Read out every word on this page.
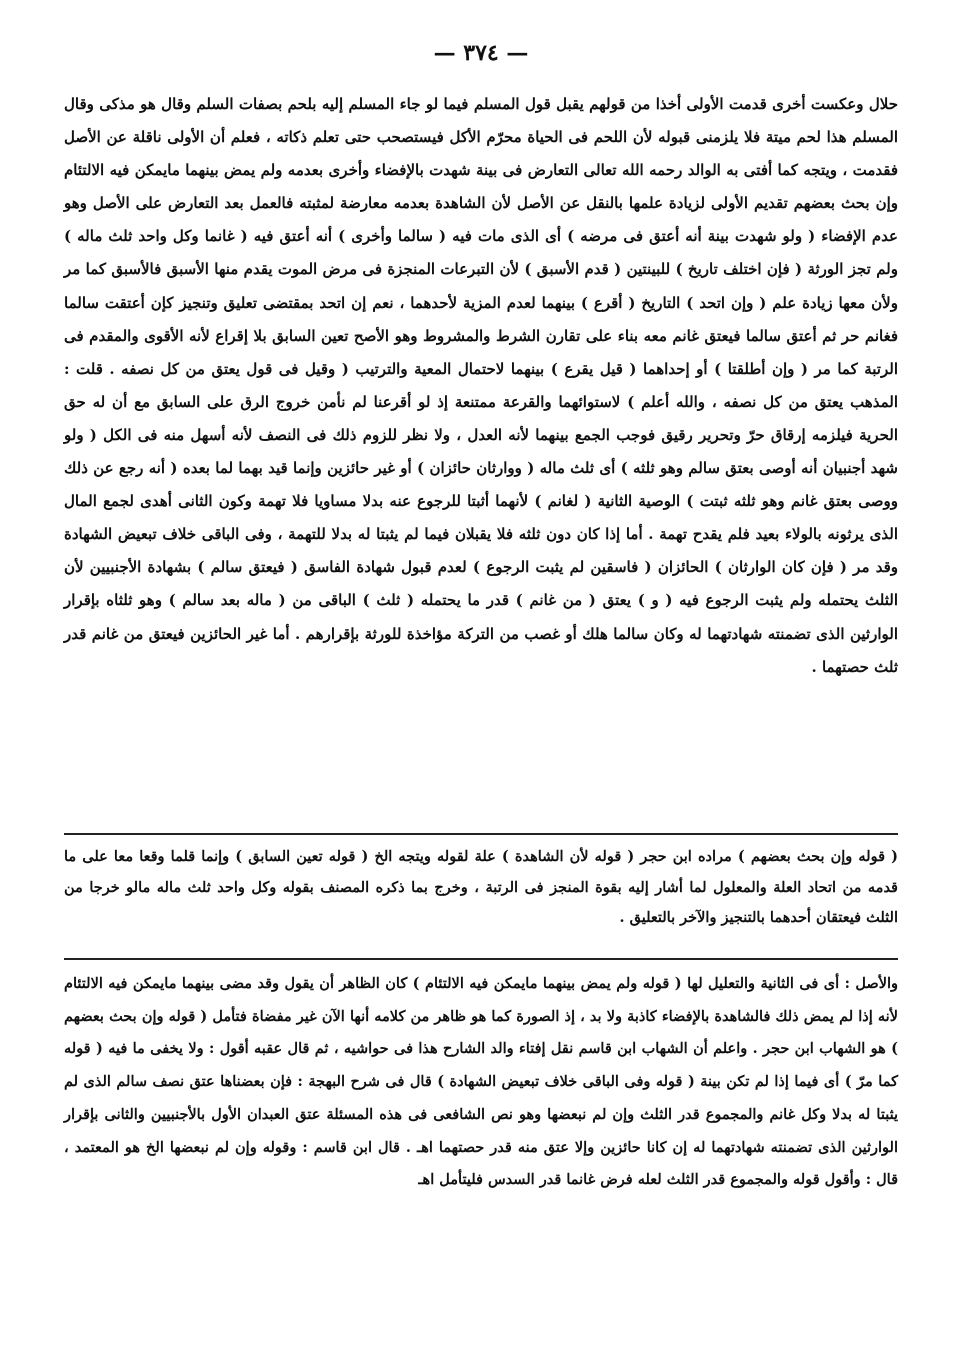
— ٣٧٤ —

حلال وعكست أخرى قدمت الأولى أخذا من قولهم يقبل قول المسلم فيما لو جاء المسلم إليه بلحم بصفات السلم وقال هو مذكى وقال المسلم هذا لحم ميتة فلا يلزمنى قبوله لأن اللحم فى الحياة محرّم الأكل فيستصحب حتى تعلم ذكاته ، فعلم أن الأولى ناقلة عن الأصل فقدمت ، ويتجه كما أفتى به الوالد رحمه الله تعالى التعارض فى بينة شهدت بالإفضاء وأخرى بعدمه ولم يمض بينهما مايمكن فيه الالتئام وإن بحث بعضهم تقديم الأولى لزيادة علمها بالنقل عن الأصل لأن الشاهدة بعدمه معارضة لمثبته فالعمل بعد التعارض على الأصل وهو عدم الإفضاء ( ولو شهدت بينة أنه أعتق فى مرضه ) أى الذى مات فيه ( سالما وأخرى ) أنه أعتق فيه ( غانما وكل واحد ثلث ماله ) ولم تجز الورثة ( فإن اختلف تاريخ ) للبينتين ( قدم الأسبق ) لأن التبرعات المنجزة فى مرض الموت يقدم منها الأسبق فالأسبق كما مر ولأن معها زيادة علم ( وإن اتحد ) التاريخ ( أقرع ) بينهما لعدم المزية لأحدهما ، نعم إن اتحد بمقتضى تعليق وتنجيز كإن أعتقت سالما فغانم حر ثم أعتق سالما فيعتق غانم معه بناء على تقارن الشرط والمشروط وهو الأصح تعين السابق بلا إقراع لأنه الأقوى والمقدم فى الرتبة كما مر ( وإن أطلقتا ) أو إحداهما ( قيل يقرع ) بينهما لاحتمال المعية والترتيب ( وقيل فى قول يعتق من كل نصفه . قلت : المذهب يعتق من كل نصفه ، والله أعلم ) لاستوائهما والقرعة ممتنعة إذ لو أقرعنا لم نأمن خروج الرق على السابق مع أن له حق الحرية فيلزمه إرقاق حرّ وتحرير رقيق فوجب الجمع بينهما لأنه العدل ، ولا نظر للزوم ذلك فى النصف لأنه أسهل منه فى الكل ( ولو شهد أجنبيان أنه أوصى بعتق سالم وهو ثلثه ) أى ثلث ماله ( ووارثان حائزان ) أو غير حائزين وإنما قيد بهما لما بعده ( أنه رجع عن ذلك ووصى بعتق غانم وهو ثلثه ثبتت ) الوصية الثانية ( لغانم ) لأنهما أثبتا للرجوع عنه بدلا مساويا فلا تهمة وكون الثانى أهدى لجمع المال الذى يرثونه بالولاء بعيد فلم يقدح تهمة . أما إذا كان دون ثلثه فلا يقبلان فيما لم يثبتا له بدلا للتهمة ، وفى الباقى خلاف تبعيض الشهادة وقد مر ( فإن كان الوارثان ) الحائزان ( فاسقين لم يثبت الرجوع ) لعدم قبول شهادة الفاسق ( فيعتق سالم ) بشهادة الأجنبيين لأن الثلث يحتمله ولم يثبت الرجوع فيه ( و ) يعتق ( من غانم ) قدر ما يحتمله ( ثلث ) الباقى من ( ماله بعد سالم ) وهو ثلثاه بإقرار الوارثين الذى تضمنته شهادتهما له وكان سالما هلك أو غصب من التركة مؤاخذة للورثة بإقرارهم . أما غير الحائزين فيعتق من غانم قدر ثلث حصتهما .

( قوله وإن بحث بعضهم ) مراده ابن حجر ( قوله لأن الشاهدة ) علة لقوله ويتجه الخ ( قوله تعين السابق ) وإنما قلما وقعا معا على ما قدمه من اتحاد العلة والمعلول لما أشار إليه بقوة المنجز فى الرتبة ، وخرج بما ذكره المصنف بقوله وكل واحد ثلث ماله مالو خرجا من الثلث فيعتقان أحدهما بالتنجيز والآخر بالتعليق .

والأصل : أى فى الثانية والتعليل لها ( قوله ولم يمض بينهما مايمكن فيه الالتئام ) كان الظاهر أن يقول وقد مضى بينهما مايمكن فيه الالتئام لأنه إذا لم يمض ذلك فالشاهدة بالإفضاء كاذبة ولا بد ، إذ الصورة كما هو ظاهر من كلامه أنها الآن غير مفضاة فتأمل ( قوله وإن بحث بعضهم ) هو الشهاب ابن حجر . واعلم أن الشهاب ابن قاسم نقل إفتاء والد الشارح هذا فى حواشيه ، ثم قال عقبه أقول : ولا يخفى ما فيه ( قوله كما مرّ ) أى فيما إذا لم تكن بينة ( قوله وفى الباقى خلاف تبعيض الشهادة ) قال فى شرح البهجة : فإن بعضناها عتق نصف سالم الذى لم يثبتا له بدلا وكل غانم والمجموع قدر الثلث وإن لم نبعضها وهو نص الشافعى فى هذه المسئلة عتق العبدان الأول بالأجنبيين والثانى بإقرار الوارثين الذى تضمنته شهادتهما له إن كانا حائزين وإلا عتق منه قدر حصتهما اهـ . قال ابن قاسم : وقوله وإن لم نبعضها الخ هو المعتمد ، قال : وأقول قوله والمجموع قدر الثلث لعله فرض غانما قدر السدس فليتأمل اهـ
